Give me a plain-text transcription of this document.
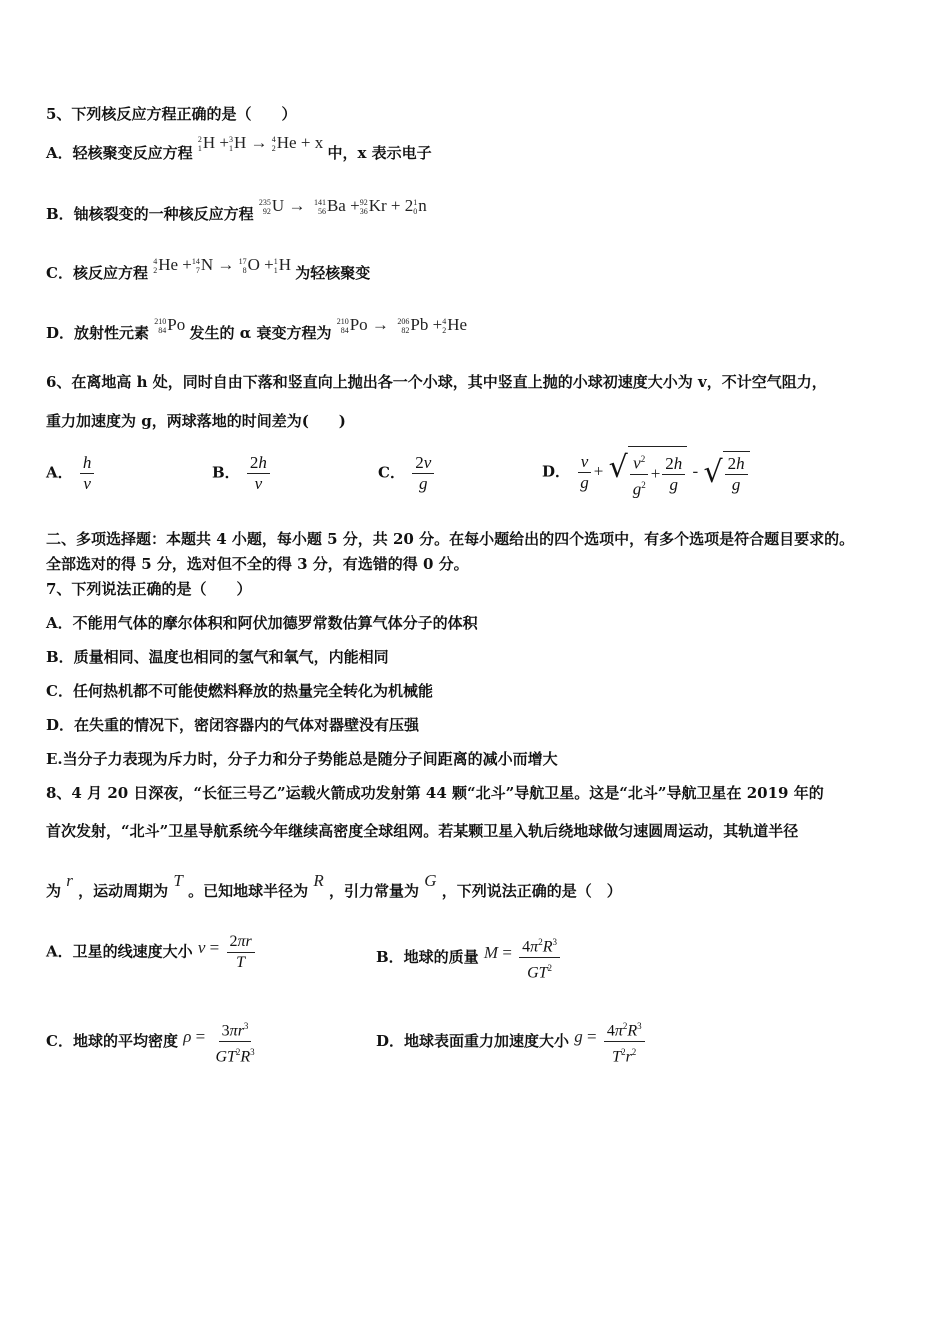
5、下列核反应方程正确的是（　　）
A．轻核聚变反应方程
2
1 H + 3
1 H → 4
2 He + x 中，x 表示电子
B．铀核裂变的一种核反应方程
235
92 U → 141
56 Ba + 92
36 Kr + 2 1
0 n
C．核反应方程
4
2 He + 14
7 N → 17
8 O + 1
1 H 为轻核聚变
D．放射性元素
210
84 Po 发生的 α 衰变方程为
210
84 Po → 206
82 Pb + 4
2 He
6、在离地高 h 处，同时自由下落和竖直向上抛出各一个小球，其中竖直上抛的小球初速度大小为 v，不计空气阻力，
重力加速度为 g，两球落地的时间差为(　　)
A． $\frac{h}{v}$	B． $\frac{2h}{v}$	C． $\frac{2v}{g}$	D． $\frac{v}{g}$ + √ $\frac{v^2}{g^2} + \frac{2h}{g}$ - √ $\frac{2h}{g}$
二、多项选择题：本题共 4 小题，每小题 5 分，共 20 分。在每小题给出的四个选项中，有多个选项是符合题目要求的。
全部选对的得 5 分，选对但不全的得 3 分，有选错的得 0 分。
7、下列说法正确的是（　　）
A．不能用气体的摩尔体积和阿伏加德罗常数估算气体分子的体积
B．质量相同、温度也相同的氢气和氧气，内能相同
C．任何热机都不可能使燃料释放的热量完全转化为机械能
D．在失重的情况下，密闭容器内的气体对器壁没有压强
E.当分子力表现为斥力时，分子力和分子势能总是随分子间距离的减小而增大
8、4 月 20 日深夜，“长征三号乙”运载火箭成功发射第 44 颗“北斗”导航卫星。这是“北斗”导航卫星在 2019 年的
首次发射，“北斗”卫星导航系统今年继续高密度全球组网。若某颗卫星入轨后绕地球做匀速圆周运动，其轨道半径
为 r ，运动周期为 T 。已知地球半径为 R ，引力常量为 G ，下列说法正确的是（　）
A．卫星的线速度大小 $v = \frac{2\pi r}{T}$	B．地球的质量 $M = \frac{4\pi^2R^3}{GT^2}$
C．地球的平均密度 $\rho = \frac{3\pi r^3}{GT^2R^3}$	D．地球表面重力加速度大小 $g = \frac{4\pi^2R^3}{T^2r^2}$
